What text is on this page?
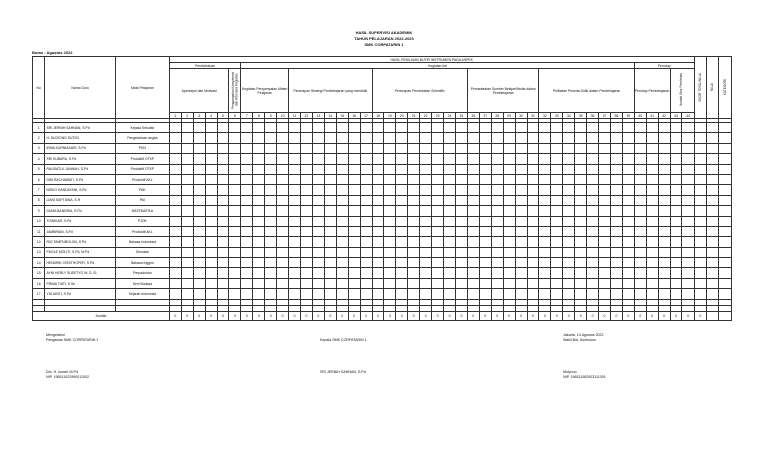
HASIL SUPERVISI AKADEMIK
TAHUN PELAJARAN 2022-2023
SMK CORPATARIN 1
Bulan : Agustus 2022
No	Nama Guru	Mata Pelajaran	HASIL PENILAIAN BUTIR INSTRUMEN PADA ASPEK																																												SKOR TOTAL/NILAI	NILAI	KATEGORI
			Pendahuluan						Kegiatan Inti																																	Penutup							
			Apersepsi dan Motivasi					Penyampaian Kompetensi dan Rencana Kegiatan	Kegiatan Penyampaian Materi Pelajaran				Penerapan Strategi Pembelajaran yang mendidik							Penerapan Pendekatan Scientific								Pemanfaatan Sumber Belajar/Media dalam Pembelajaran						Pelibatan Peserta Didik dalam Pembelajaran								Penutup Pembelajaran			Jumlah Skor Perolehan				
			1	2	3	4	5	6	7	8	9	10	11	12	13	14	15	16	17	18	19	20	21	22	23	24	25	26	27	28	29	30	31	32	33	34	35	36	37	38	39	40	41	42	43	44			

1	SRI JERNIH SAHNAN, S.Pd	Kepala Sekolah																																															
2	H. SUGIONO SUTIDI	Pengetahuan angka																																															
3	IRMA KURNIASARI, S.Pd	PKN																																															
4	SRI KUBARA, S.Pd	Produktif OTKP																																															
5	RAUDATUL JANNAH, S.Pd	Produktif OTKP																																															
6	DWI RACHAWATI, S.Pd	Produktif AKL																																															
7	NISKO HANDAYANI, S.Pd	PAK																																															
8	LIANI SAPTIANA, S.H	PAI																																															
9	DUMA BANDRIA, S.Pd	MATEMATIKA																																															
10	TISNIKAR, S.Pd	PJOK																																															
11	JAMBRIAN, S.Pd	Produktif AKL																																															
12	RIO TAMPUBOLON, S.Pd	Bahasa Indonesia																																															
13	PUGLE MOLITI, S.Pd, M.Pd	Simulasi																																															
14	HENDRIK CRISTHOPER, S.Pd	Bahasa Inggris																																															
15	AYNI HERLY SUSETYO W. D. Si	Perpaduhan																																															
16	PRIMA TIATI, S.Sn	Seni Budaya																																															
17	YULIANTI, S.Pd	Sejarah Indonesia																																															

Jumlah			0	0	0	0	0	0	0	0	0	0	0	0	0	0	0	0	0	0	0	0	0	0	0	0	0	0	0	0	0	0	0	0	0	0	0	0	0	0	0	0	0	0	0	0	0		
Mengetahui
Pengawas SMK CORPATARIN 1
Drs. H. Ismail, M.Pd
NIP. 196511022990011002
Kepala SMK CORPATARIN 1
SRI JERNIH SAHNAN, S.Pd
Jakarta, 13 Agustus 2022
Wakil Bid. Kurikulum
Mulyono
NIP. 196511082003111001
